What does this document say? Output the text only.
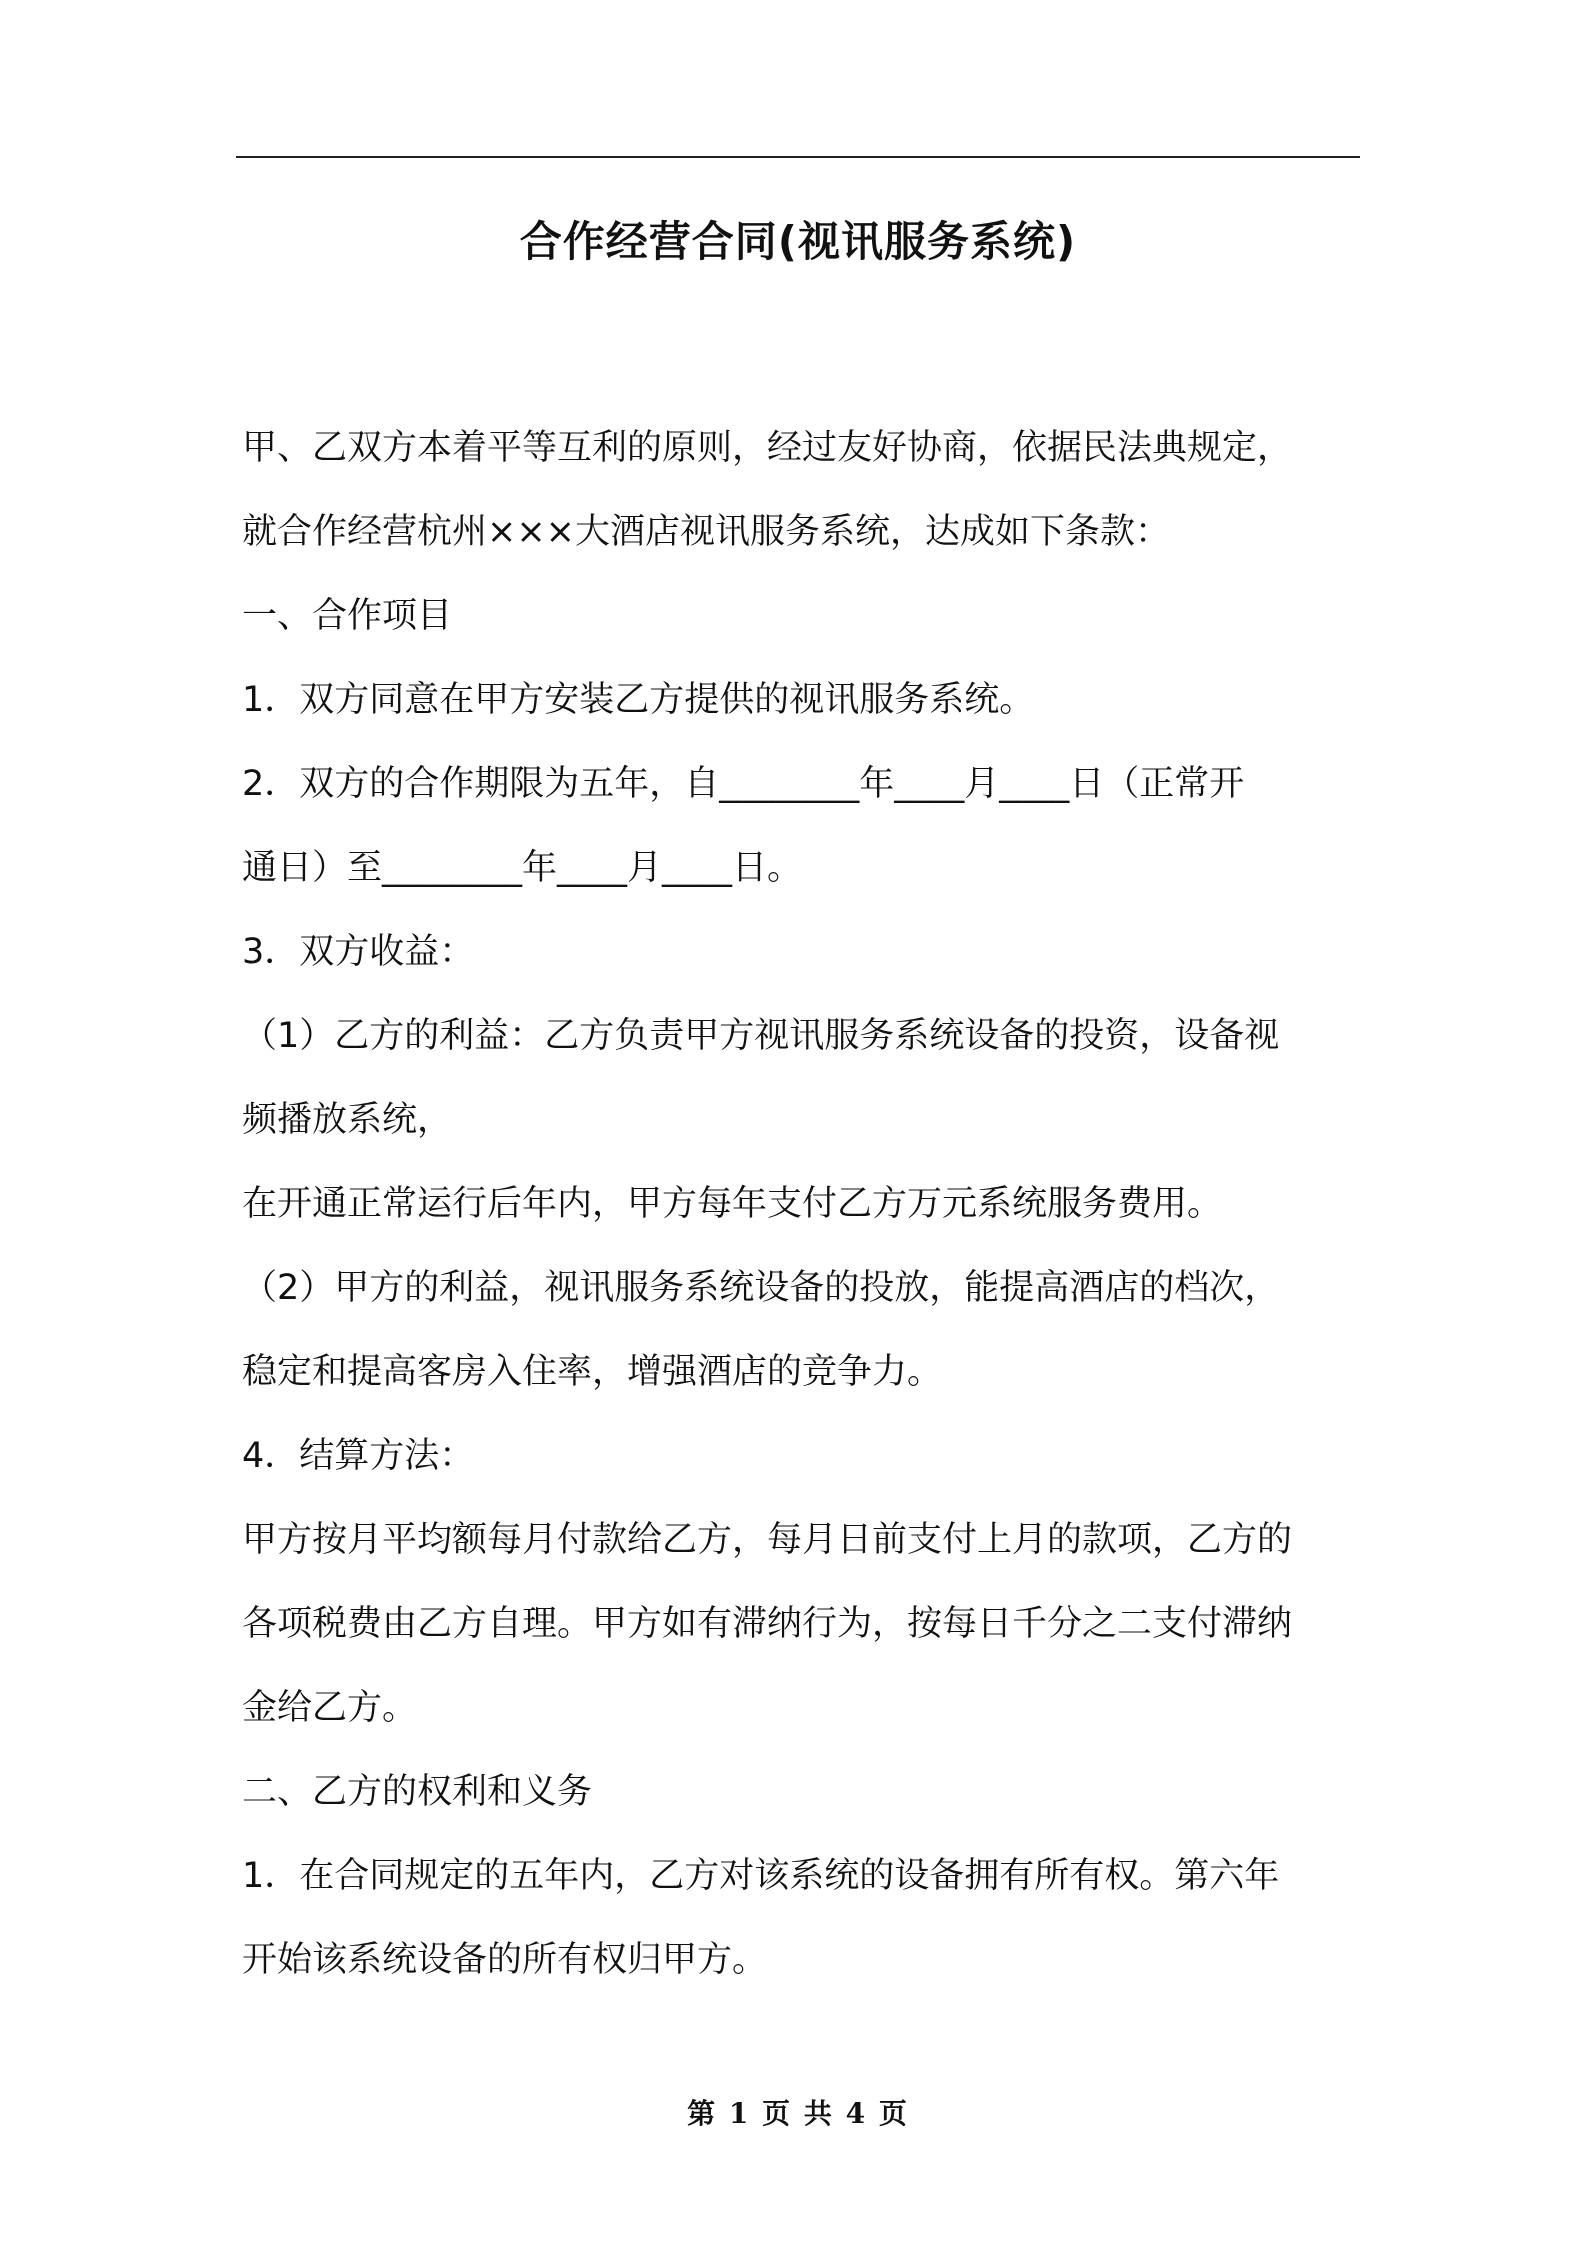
合作经营合同(视讯服务系统)

甲、乙双方本着平等互利的原则，经过友好协商，依据民法典规定，

就合作经营杭州×××大酒店视讯服务系统，达成如下条款：

一、合作项目

1．双方同意在甲方安装乙方提供的视讯服务系统。

2．双方的合作期限为五年，自________年____月____日（正常开

通日）至________年____月____日。

3．双方收益：

（1）乙方的利益：乙方负责甲方视讯服务系统设备的投资，设备视

频播放系统，

在开通正常运行后年内，甲方每年支付乙方万元系统服务费用。

（2）甲方的利益，视讯服务系统设备的投放，能提高酒店的档次，

稳定和提高客房入住率，增强酒店的竞争力。

4．结算方法：

甲方按月平均额每月付款给乙方，每月日前支付上月的款项，乙方的

各项税费由乙方自理。甲方如有滞纳行为，按每日千分之二支付滞纳

金给乙方。

二、乙方的权利和义务

1．在合同规定的五年内，乙方对该系统的设备拥有所有权。第六年

开始该系统设备的所有权归甲方。

第 1 页 共 4 页
